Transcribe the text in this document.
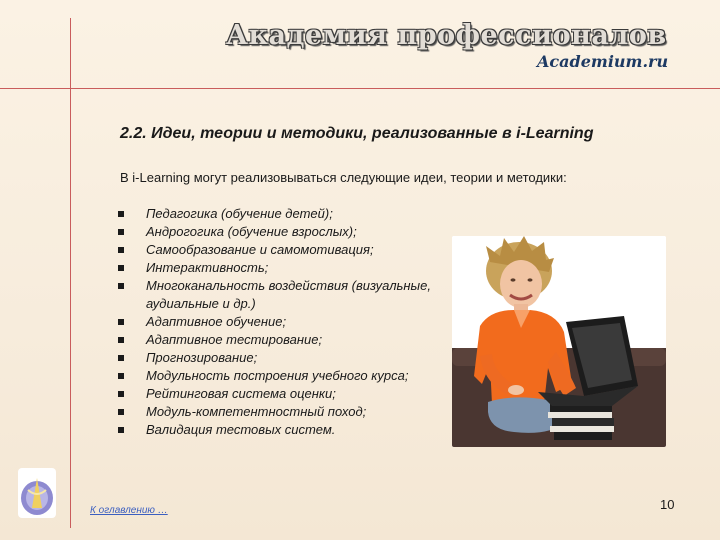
Академия профессионалов
Academium.ru
2.2. Идеи, теории и методики, реализованные в i-Learning
В i-Learning могут реализовываться следующие идеи, теории и методики:
Педагогика (обучение детей);
Андрогогика (обучение взрослых);
Самообразование и самомотивация;
Интерактивность;
Многоканальность воздействия (визуальные, аудиальные и др.)
Адаптивное обучение;
Адаптивное тестирование;
Прогнозирование;
Модульность построения учебного курса;
Рейтинговая система оценки;
Модуль-компетентностный поход;
Валидация тестовых систем.
К оглавлению …	10
